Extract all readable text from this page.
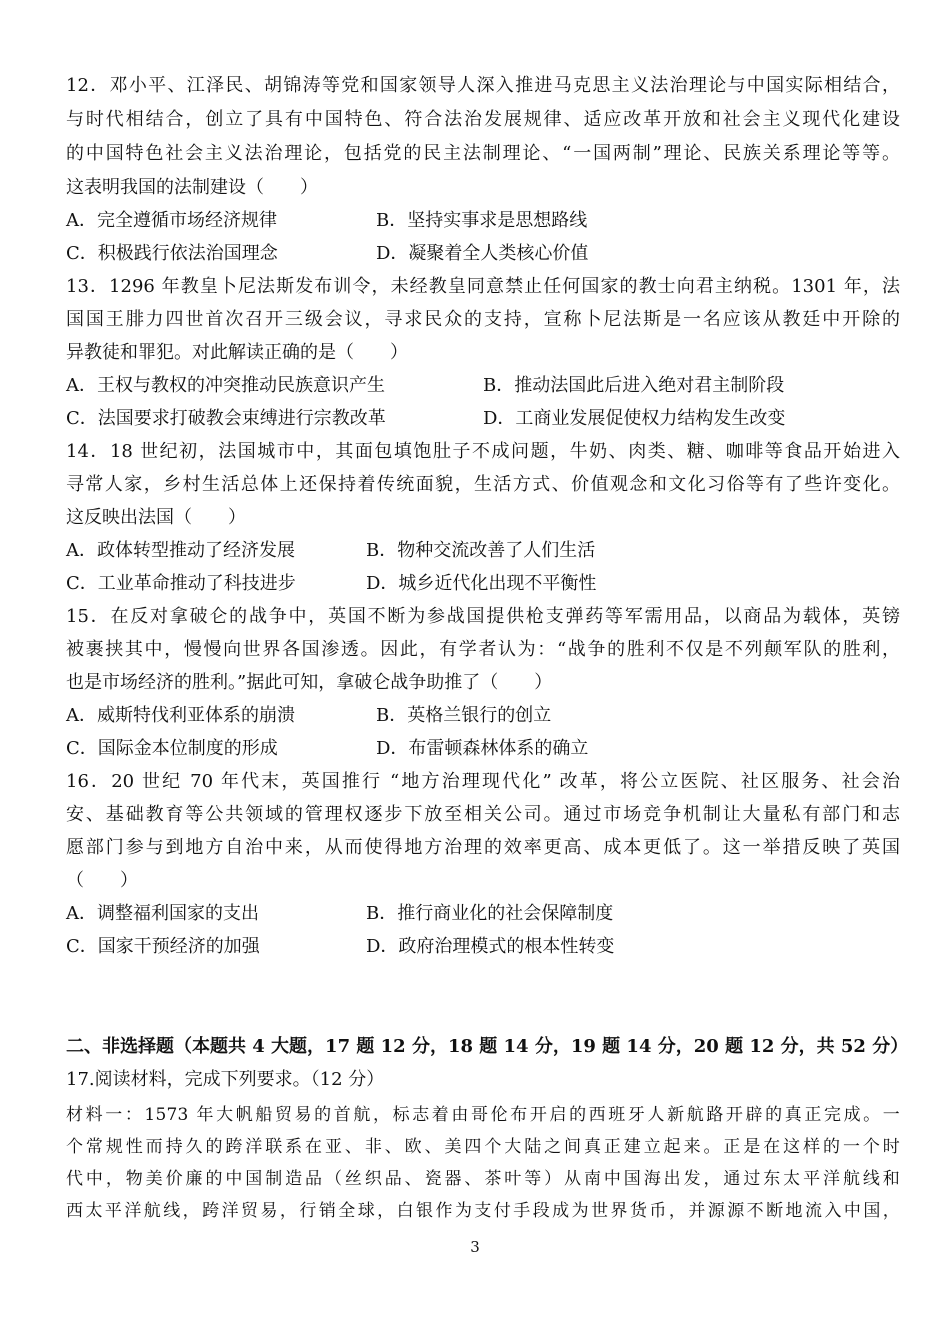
12．邓小平、江泽民、胡锦涛等党和国家领导人深入推进马克思主义法治理论与中国实际相结合，
与时代相结合，创立了具有中国特色、符合法治发展规律、适应改革开放和社会主义现代化建设
的中国特色社会主义法治理论，包括党的民主法制理论、“一国两制”理论、民族关系理论等等。
这表明我国的法制建设（　　）
A．完全遵循市场经济规律	B．坚持实事求是思想路线
C．积极践行依法治国理念	D．凝聚着全人类核心价值
13．1296 年教皇卜尼法斯发布训令，未经教皇同意禁止任何国家的教士向君主纳税。1301 年，法
国国王腓力四世首次召开三级会议，寻求民众的支持，宣称卜尼法斯是一名应该从教廷中开除的
异教徒和罪犯。对此解读正确的是（　　）
A．王权与教权的冲突推动民族意识产生	B．推动法国此后进入绝对君主制阶段
C．法国要求打破教会束缚进行宗教改革	D．工商业发展促使权力结构发生改变
14．18 世纪初，法国城市中，其面包填饱肚子不成问题，牛奶、肉类、糖、咖啡等食品开始进入
寻常人家，乡村生活总体上还保持着传统面貌，生活方式、价值观念和文化习俗等有了些许变化。
这反映出法国（　　）
A．政体转型推动了经济发展	B．物种交流改善了人们生活
C．工业革命推动了科技进步	D．城乡近代化出现不平衡性
15．在反对拿破仑的战争中，英国不断为参战国提供枪支弹药等军需用品，以商品为载体，英镑
被裹挟其中，慢慢向世界各国渗透。因此，有学者认为：“战争的胜利不仅是不列颠军队的胜利，
也是市场经济的胜利。”据此可知，拿破仑战争助推了（　　）
A．威斯特伐利亚体系的崩溃	B．英格兰银行的创立
C．国际金本位制度的形成	D．布雷顿森林体系的确立
16．20 世纪 70 年代末，英国推行 “地方治理现代化” 改革，将公立医院、社区服务、社会治
安、基础教育等公共领域的管理权逐步下放至相关公司。通过市场竞争机制让大量私有部门和志
愿部门参与到地方自治中来，从而使得地方治理的效率更高、成本更低了。这一举措反映了英国
（　　）
A．调整福利国家的支出	B．推行商业化的社会保障制度
C．国家干预经济的加强	D．政府治理模式的根本性转变
二、非选择题（本题共 4 大题，17 题 12 分，18 题 14 分，19 题 14 分，20 题 12 分，共 52 分）
17.阅读材料，完成下列要求。（12 分）
材料一：1573 年大帆船贸易的首航，标志着由哥伦布开启的西班牙人新航路开辟的真正完成。一
个常规性而持久的跨洋联系在亚、非、欧、美四个大陆之间真正建立起来。正是在这样的一个时
代中，物美价廉的中国制造品（丝织品、瓷器、茶叶等）从南中国海出发，通过东太平洋航线和
西太平洋航线，跨洋贸易，行销全球，白银作为支付手段成为世界货币，并源源不断地流入中国，
3
